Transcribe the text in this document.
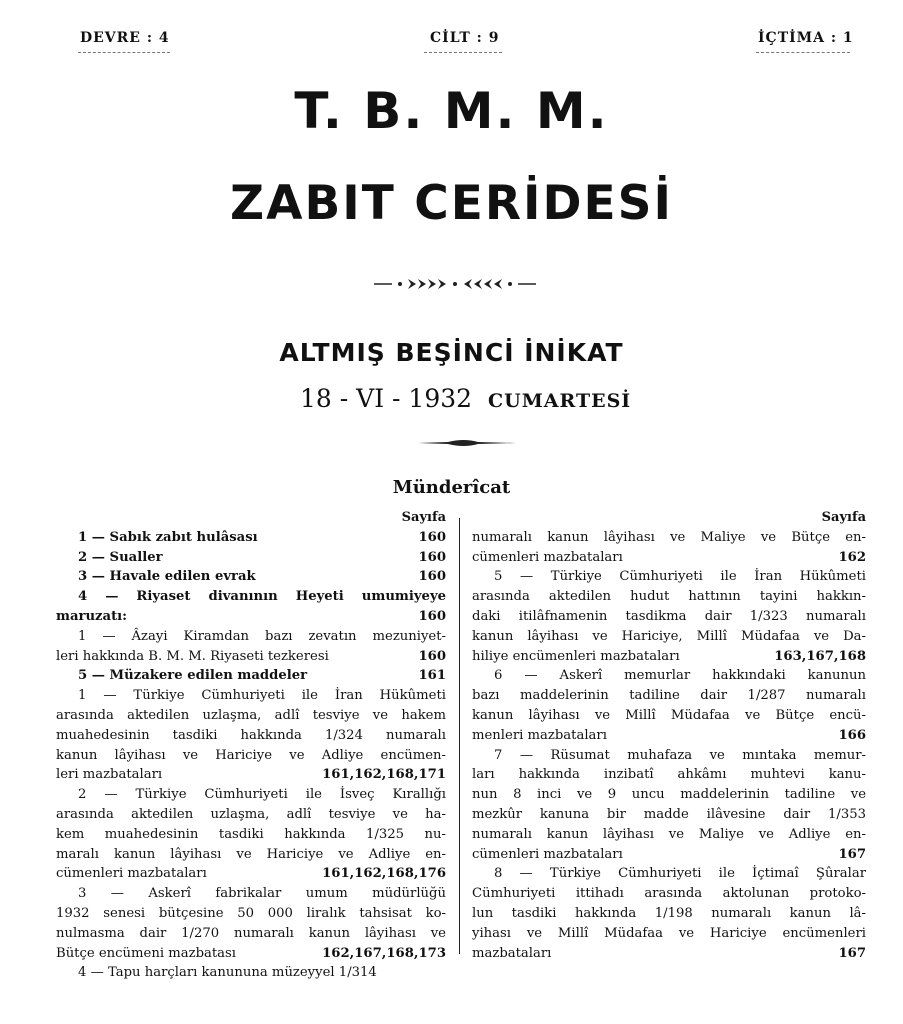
DEVRE : 4	CİLT : 9	İÇTİMA : 1
T. B. M. M.
ZABIT CERİDESİ
ALTMIŞ BEŞİNCİ İNİKAT
18 - VI - 1932 CUMARTESİ
Münderîcat
Sayıfa
1 — Sabık zabıt hulâsası	160
2 — Sualler	160
3 — Havale edilen evrak	160
4 — Riyaset divanının Heyeti umumiyeye
maruzatı:	160
1 — Âzayi Kiramdan bazı zevatın mezuniyet-
leri hakkında B. M. M. Riyaseti tezkeresi	160
5 — Müzakere edilen maddeler	161
1 — Türkiye Cümhuriyeti ile İran Hükûmeti
arasında aktedilen uzlaşma, adlî tesviye ve hakem
muahedesinin tasdiki hakkında 1/324 numaralı
kanun lâyihası ve Hariciye ve Adliye encümen-
leri mazbataları	161,162,168,171
2 — Türkiye Cümhuriyeti ile İsveç Kırallığı
arasında aktedilen uzlaşma, adlî tesviye ve ha-
kem muahedesinin tasdiki hakkında 1/325 nu-
maralı kanun lâyihası ve Hariciye ve Adliye en-
cümenleri mazbataları	161,162,168,176
3 — Askerî fabrikalar umum müdürlüğü
1932 senesi bütçesine 50 000 liralık tahsisat ko-
nulmasma dair 1/270 numaralı kanun lâyihası ve
Bütçe encümeni mazbatası	162,167,168,173
4 — Tapu harçları kanununa müzeyyel 1/314
Sayıfa
numaralı kanun lâyihası ve Maliye ve Bütçe en-
cümenleri mazbataları	162
5 — Türkiye Cümhuriyeti ile İran Hükûmeti
arasında aktedilen hudut hattının tayini hakkın-
daki itilâfnamenin tasdikma dair 1/323 numaralı
kanun lâyihası ve Hariciye, Millî Müdafaa ve Da-
hiliye encümenleri mazbataları	163,167,168
6 — Askerî memurlar hakkındaki kanunun
bazı maddelerinin tadiline dair 1/287 numaralı
kanun lâyihası ve Millî Müdafaa ve Bütçe encü-
menleri mazbataları	166
7 — Rüsumat muhafaza ve mıntaka memur-
ları hakkında inzibatî ahkâmı muhtevi kanu-
nun 8 inci ve 9 uncu maddelerinin tadiline ve
mezkûr kanuna bir madde ilâvesine dair 1/353
numaralı kanun lâyihası ve Maliye ve Adliye en-
cümenleri mazbataları	167
8 — Türkiye Cümhuriyeti ile İçtimaî Şûralar
Cümhuriyeti ittihadı arasında aktolunan protoko-
lun tasdiki hakkında 1/198 numaralı kanun lâ-
yihası ve Millî Müdafaa ve Hariciye encümenleri
mazbataları	167
